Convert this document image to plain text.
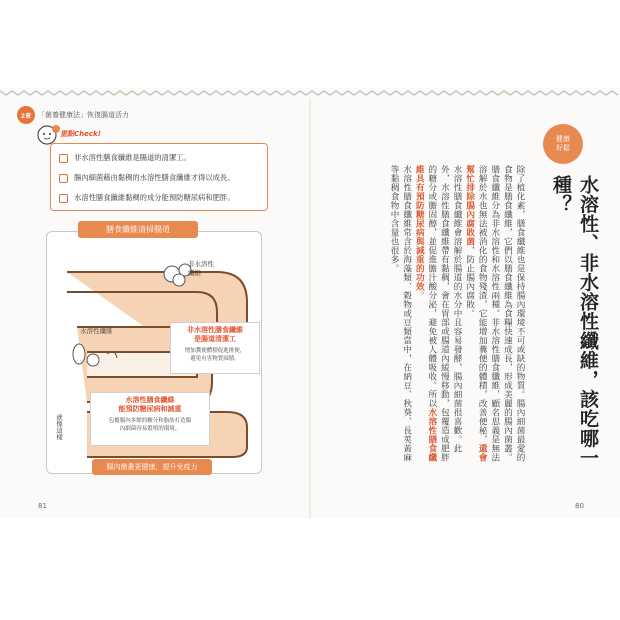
2章 「菌養健康法」恢復腸道活力
重點Check!
非水溶性膳食纖維是腸道的清潔工。
腸內細菌藉由黏稠的水溶性膳食纖維才得以成長。
水溶性膳食纖維黏稠的成分能預防糖尿病和肥胖。
膳食纖維清掃腸道
非水溶性
纖維
水溶性纖維
就像這樣
非水溶性膳食纖維
是腸道清潔工
增加糞便體積促進排便，
避免有害物質囤積。
水溶性膳食纖維
能預防糖尿病和減重
包覆腸內多餘的糖分和脂肪打造腸
內細菌容易繁殖的環境。
腸內菌叢更健康，提升免疫力
81
健康
好鬆
水溶性、非水溶性纖維，該吃哪一種？
除了植化素，膳食纖維也是保持腸內環境不可或缺的物質。腸內細菌最愛的食物是膳食纖維，它們以膳食纖維為食糧快速成長，形成美麗的腸內菌叢。
膳食纖維分為非水溶性和水溶性兩種。非水溶性膳食纖維，顧名思義是無法溶解於水也無法被消化的食物殘渣，它能增加糞便的體積，改善便秘，還會幫忙排除腸內腐敗菌，防止腸內腐敗。
水溶性膳食纖維會溶解於腸道的水分中且容易發酵，腸內細菌很喜歡。此外，水溶性膳食纖維帶有黏稠，會在胃部或腸道內緩慢移動，包覆造成肥胖的糖分或膽固醇，並促進膽汁酸分泌，避免被人體吸收。所以水溶性膳食纖維具有預防糖尿病與減重的功效。
水溶性膳食纖維常含於海藻類、穀物或豆類當中，在納豆、秋葵、長莢黃麻等黏稠食物中含量也很多。
80
